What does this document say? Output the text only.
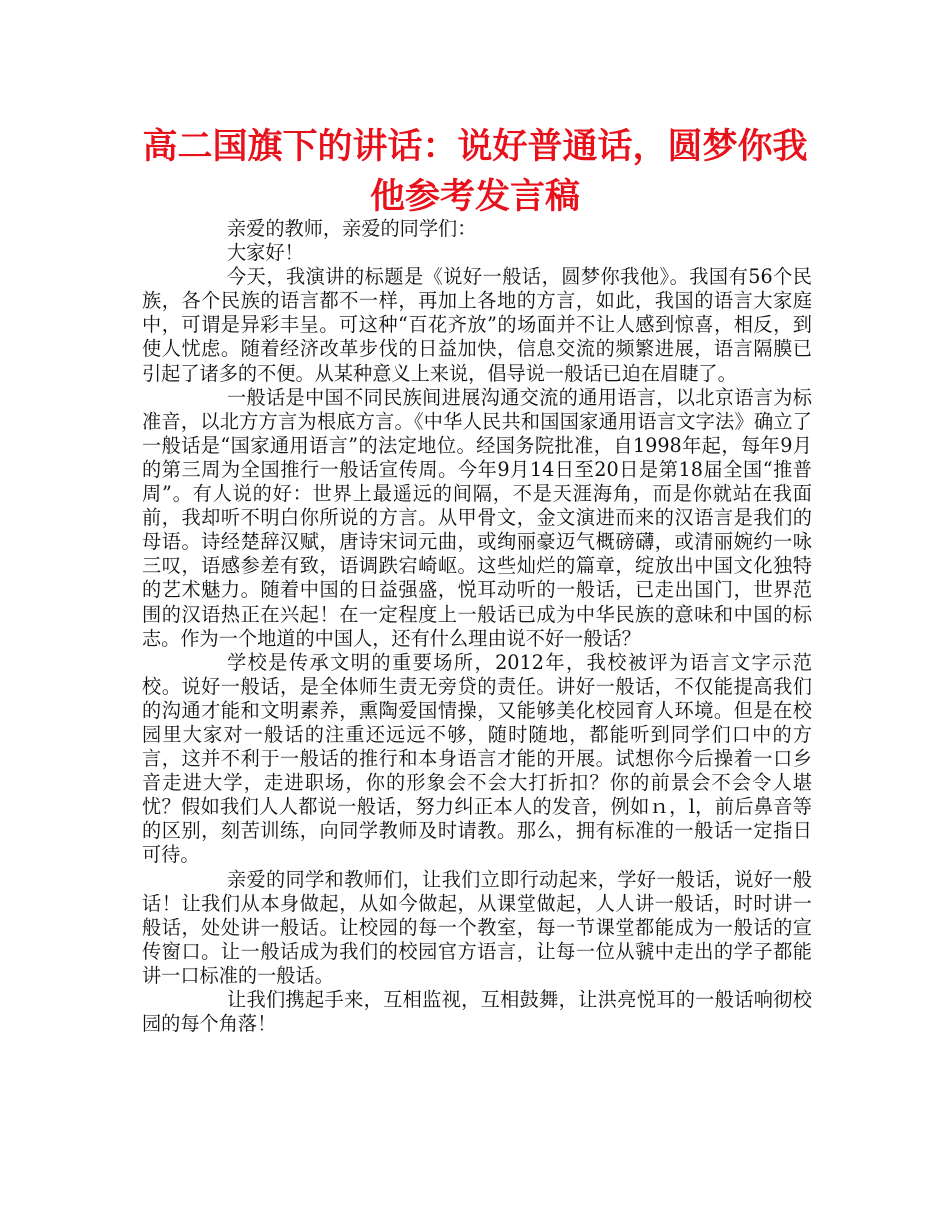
高二国旗下的讲话：说好普通话，圆梦你我他参考发言稿

亲爱的教师，亲爱的同学们：

大家好！

今天，我演讲的标题是《说好一般话，圆梦你我他》。我国有56个民族，各个民族的语言都不一样，再加上各地的方言，如此，我国的语言大家庭中，可谓是异彩丰呈。可这种“百花齐放”的场面并不让人感到惊喜，相反，到使人忧虑。随着经济改革步伐的日益加快，信息交流的频繁进展，语言隔膜已引起了诸多的不便。从某种意义上来说，倡导说一般话已迫在眉睫了。

一般话是中国不同民族间进展沟通交流的通用语言，以北京语言为标准音，以北方方言为根底方言。《中华人民共和国国家通用语言文字法》确立了一般话是“国家通用语言”的法定地位。经国务院批准，自1998年起，每年9月的第三周为全国推行一般话宣传周。今年9月14日至20日是第18届全国“推普周”。有人说的好：世界上最遥远的间隔，不是天涯海角，而是你就站在我面前，我却听不明白你所说的方言。从甲骨文，金文演进而来的汉语言是我们的母语。诗经楚辞汉赋，唐诗宋词元曲，或绚丽豪迈气概磅礴，或清丽婉约一咏三叹，语感参差有致，语调跌宕崎岖。这些灿烂的篇章，绽放出中国文化独特的艺术魅力。随着中国的日益强盛，悦耳动听的一般话，已走出国门，世界范围的汉语热正在兴起！在一定程度上一般话已成为中华民族的意味和中国的标志。作为一个地道的中国人，还有什么理由说不好一般话？

学校是传承文明的重要场所，2012年，我校被评为语言文字示范校。说好一般话，是全体师生责无旁贷的责任。讲好一般话，不仅能提高我们的沟通才能和文明素养，熏陶爱国情操，又能够美化校园育人环境。但是在校园里大家对一般话的注重还远远不够，随时随地，都能听到同学们口中的方言，这并不利于一般话的推行和本身语言才能的开展。试想你今后操着一口乡音走进大学，走进职场，你的形象会不会大打折扣？你的前景会不会令人堪忧？假如我们人人都说一般话，努力纠正本人的发音，例如ｎ，l，前后鼻音等的区别，刻苦训练，向同学教师及时请教。那么，拥有标准的一般话一定指日可待。

亲爱的同学和教师们，让我们立即行动起来，学好一般话，说好一般话！让我们从本身做起，从如今做起，从课堂做起，人人讲一般话，时时讲一般话，处处讲一般话。让校园的每一个教室，每一节课堂都能成为一般话的宣传窗口。让一般话成为我们的校园官方语言，让每一位从虢中走出的学子都能讲一口标准的一般话。

让我们携起手来，互相监视，互相鼓舞，让洪亮悦耳的一般话响彻校园的每个角落！
